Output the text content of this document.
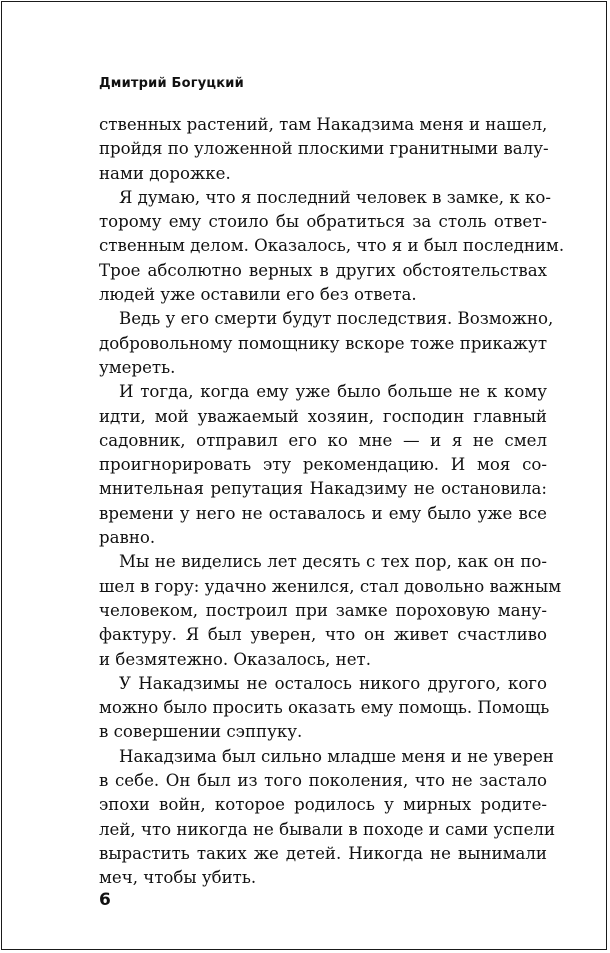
Дмитрий Богуцкий

ственных растений, там Накадзима меня и нашел,
пройдя по уложенной плоскими гранитными валу-
нами дорожке.

Я думаю, что я последний человек в замке, к ко-
торому ему стоило бы обратиться за столь ответ-
ственным делом. Оказалось, что я и был последним.
Трое абсолютно верных в других обстоятельствах
людей уже оставили его без ответа.

Ведь у его смерти будут последствия. Возможно,
добровольному помощнику вскоре тоже прикажут
умереть.

И тогда, когда ему уже было больше не к кому
идти, мой уважаемый хозяин, господин главный
садовник, отправил его ко мне — и я не смел
проигнорировать эту рекомендацию. И моя со-
мнительная репутация Накадзиму не остановила:
времени у него не оставалось и ему было уже все
равно.

Мы не виделись лет десять с тех пор, как он по-
шел в гору: удачно женился, стал довольно важным
человеком, построил при замке пороховую ману-
фактуру. Я был уверен, что он живет счастливо
и безмятежно. Оказалось, нет.

У Накадзимы не осталось никого другого, кого
можно было просить оказать ему помощь. Помощь
в совершении сэппуку.

Накадзима был сильно младше меня и не уверен
в себе. Он был из того поколения, что не застало
эпохи войн, которое родилось у мирных родите-
лей, что никогда не бывали в походе и сами успели
вырастить таких же детей. Никогда не вынимали
меч, чтобы убить.

6
